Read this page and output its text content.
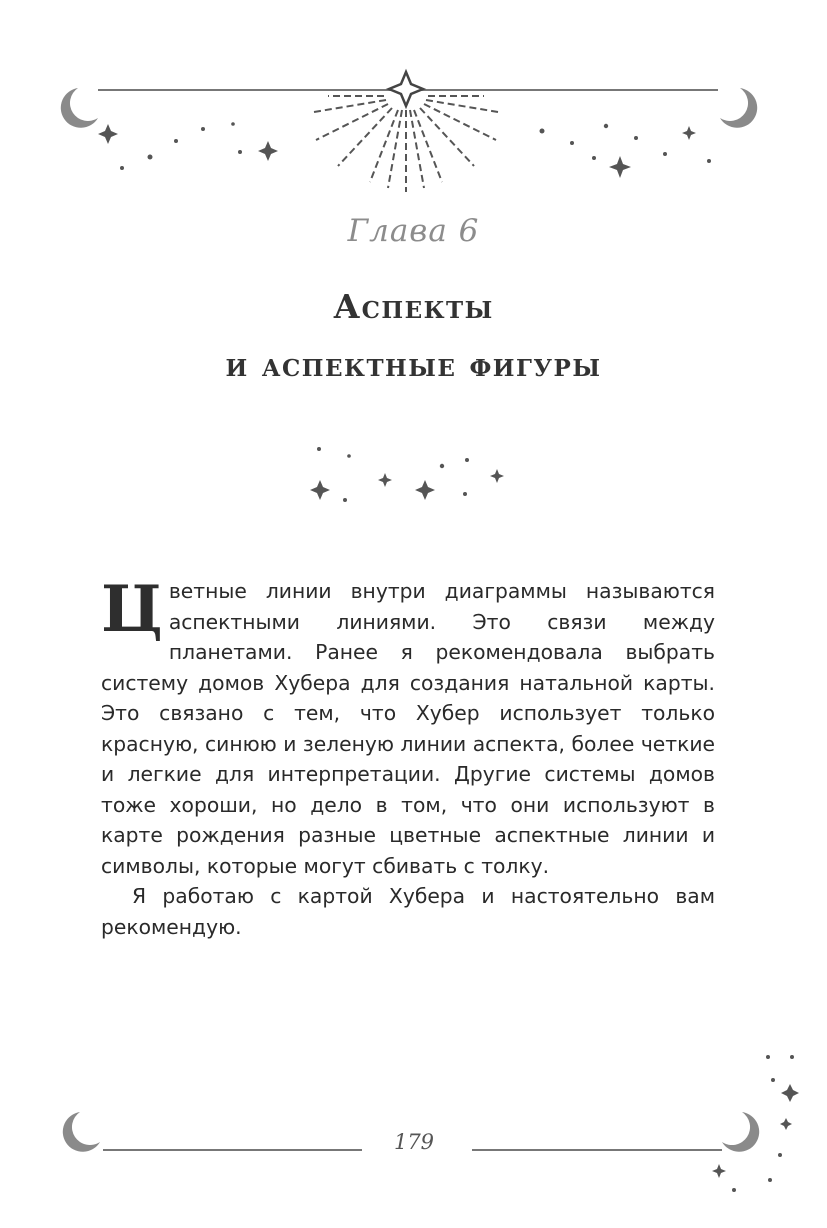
Глава 6
Аспекты
и аспектные фигуры

Цветные линии внутри диаграммы называются аспектными линиями. Это связи между планетами. Ранее я рекомендовала выбрать систему домов Хубера для создания натальной карты. Это связано с тем, что Хубер использует только красную, синюю и зеленую линии аспекта, более четкие и легкие для интерпретации. Другие системы домов тоже хороши, но дело в том, что они используют в карте рождения разные цветные аспектные линии и символы, которые могут сбивать с толку.

Я работаю с картой Хубера и настоятельно вам рекомендую.

179
